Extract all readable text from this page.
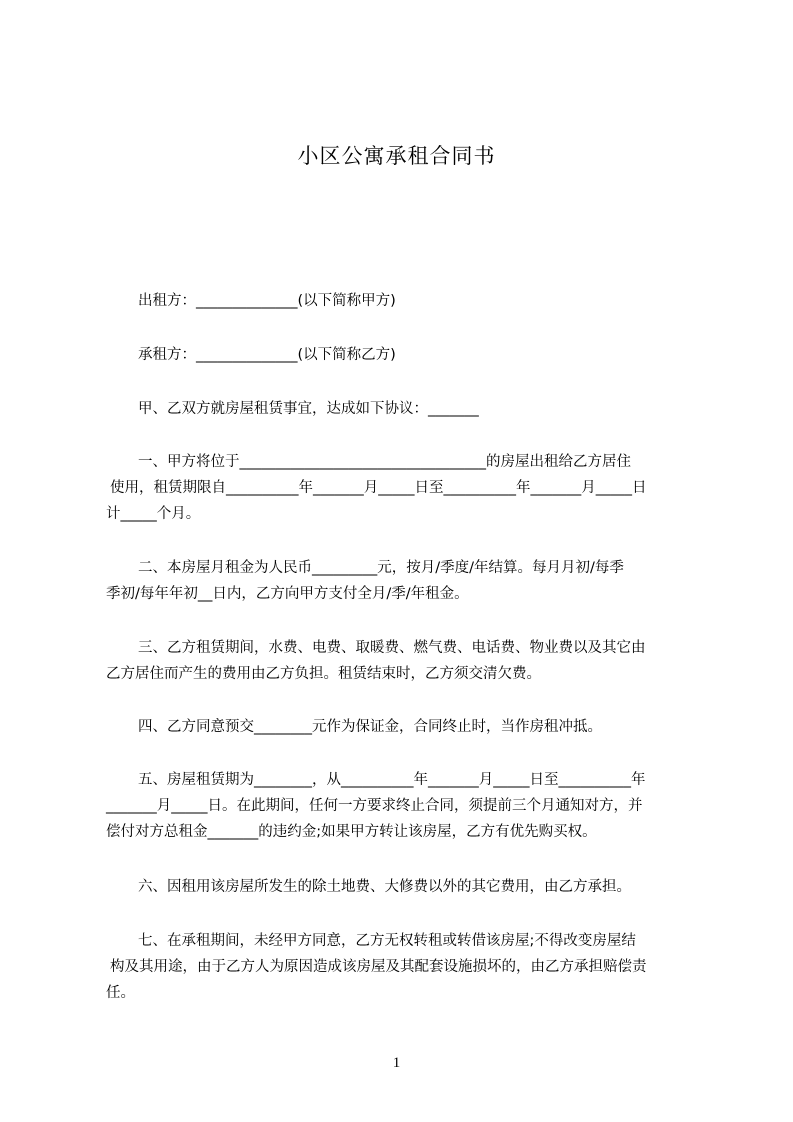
小区公寓承租合同书
出租方：______________(以下简称甲方)
承租方：______________(以下简称乙方)
甲、乙双方就房屋租赁事宜，达成如下协议：_______
一、甲方将位于__________________________________的房屋出租给乙方居住
使用，租赁期限自__________年_______月_____日至__________年_______月_____日
计_____个月。
二、本房屋月租金为人民币_________元，按月/季度/年结算。每月月初/每季
季初/每年年初__日内，乙方向甲方支付全月/季/年租金。
三、乙方租赁期间，水费、电费、取暖费、燃气费、电话费、物业费以及其它由
乙方居住而产生的费用由乙方负担。租赁结束时，乙方须交清欠费。
四、乙方同意预交________元作为保证金，合同终止时，当作房租冲抵。
五、房屋租赁期为________，从__________年_______月_____日至__________年
_______月_____日。在此期间，任何一方要求终止合同，须提前三个月通知对方，并
偿付对方总租金_______的违约金;如果甲方转让该房屋，乙方有优先购买权。
六、因租用该房屋所发生的除土地费、大修费以外的其它费用，由乙方承担。
七、在承租期间，未经甲方同意，乙方无权转租或转借该房屋;不得改变房屋结
构及其用途，由于乙方人为原因造成该房屋及其配套设施损坏的，由乙方承担赔偿责
任。
1
